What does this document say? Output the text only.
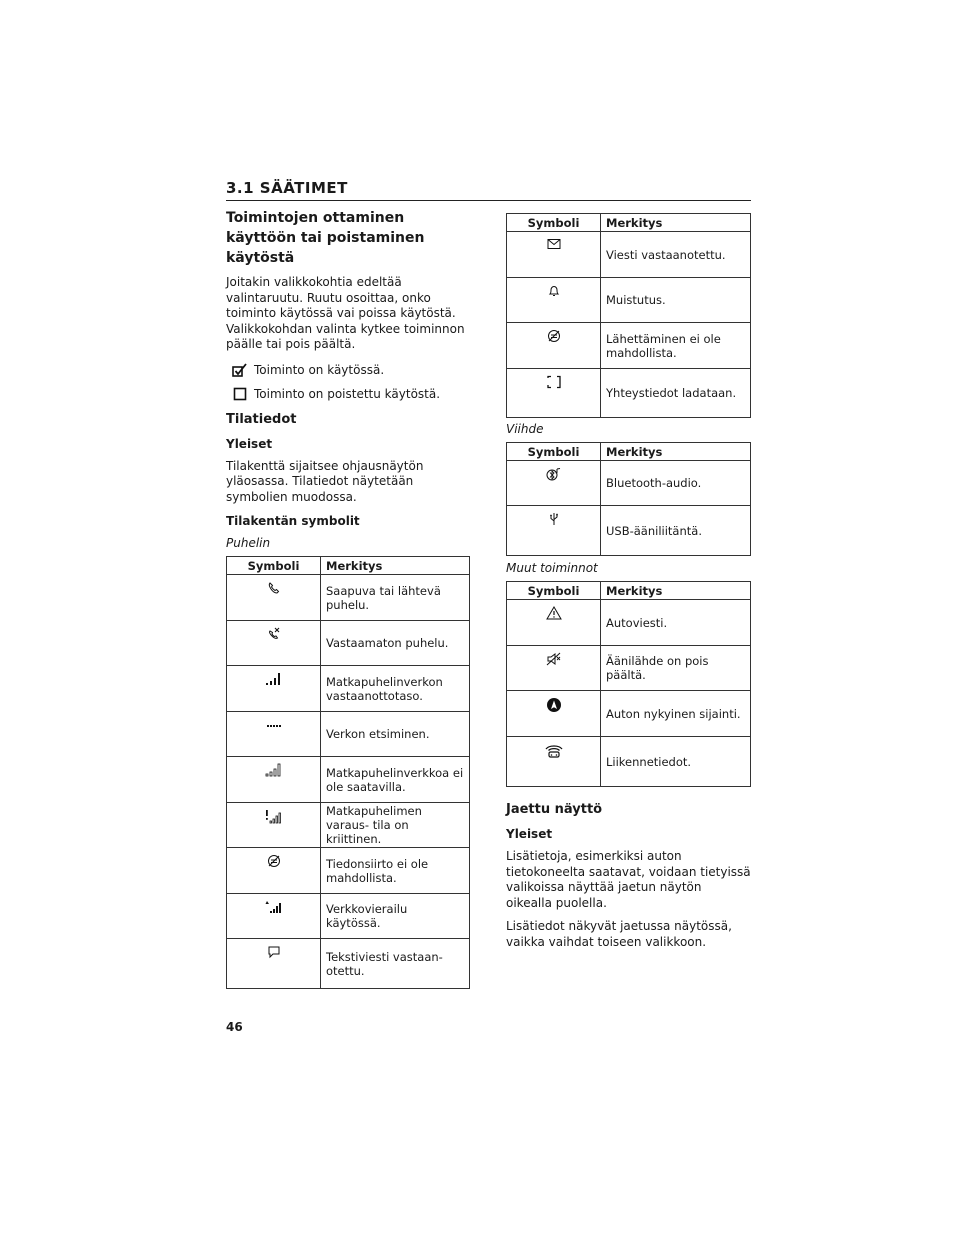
3.1 SÄÄTIMET
Toimintojen ottaminen käyttöön tai poistaminen käytöstä

Joitakin valikkokohtia edeltää valintaruutu. Ruutu osoittaa, onko toiminto käytössä vai poissa käytöstä. Valikkokohdan valinta kytkee toiminnon päälle tai pois päältä.

Toiminto on käytössä.
Toiminto on poistettu käytöstä.
Tilatiedot
Yleiset

Tilakenttä sijaitsee ohjausnäytön yläosassa. Tilatiedot näytetään symbolien muodossa.

Tilakentän symbolit
Puhelin
Symboli	Merkitys
	Saapuva tai lähtevä puhelu.
	Vastaamaton puhelu.
	Matkapuhelinverkon vastaanottotaso.
	Verkon etsiminen.
	Matkapuhelinverkkoa ei ole saatavilla.
	Matkapuhelimen varaus- tila on kriittinen.
	Tiedonsiirto ei ole mahdollista.
	Verkkovierailu käytössä.
	Tekstiviesti vastaan- otettu.
Symboli	Merkitys
	Viesti vastaanotettu.
	Muistutus.
	Lähettäminen ei ole mahdollista.
	Yhteystiedot ladataan.
Viihde
Symboli	Merkitys
	Bluetooth-audio.
	USB-ääniliitäntä.
Muut toiminnot
Symboli	Merkitys
	Autoviesti.
	Äänilähde on pois päältä.
	Auton nykyinen sijainti.
	Liikennetiedot.
Jaettu näyttö
Yleiset

Lisätietoja, esimerkiksi auton tietokoneelta saatavat, voidaan tietyissä valikoissa näyttää jaetun näytön oikealla puolella.

Lisätiedot näkyvät jaetussa näytössä, vaikka vaihdat toiseen valikkoon.

46
